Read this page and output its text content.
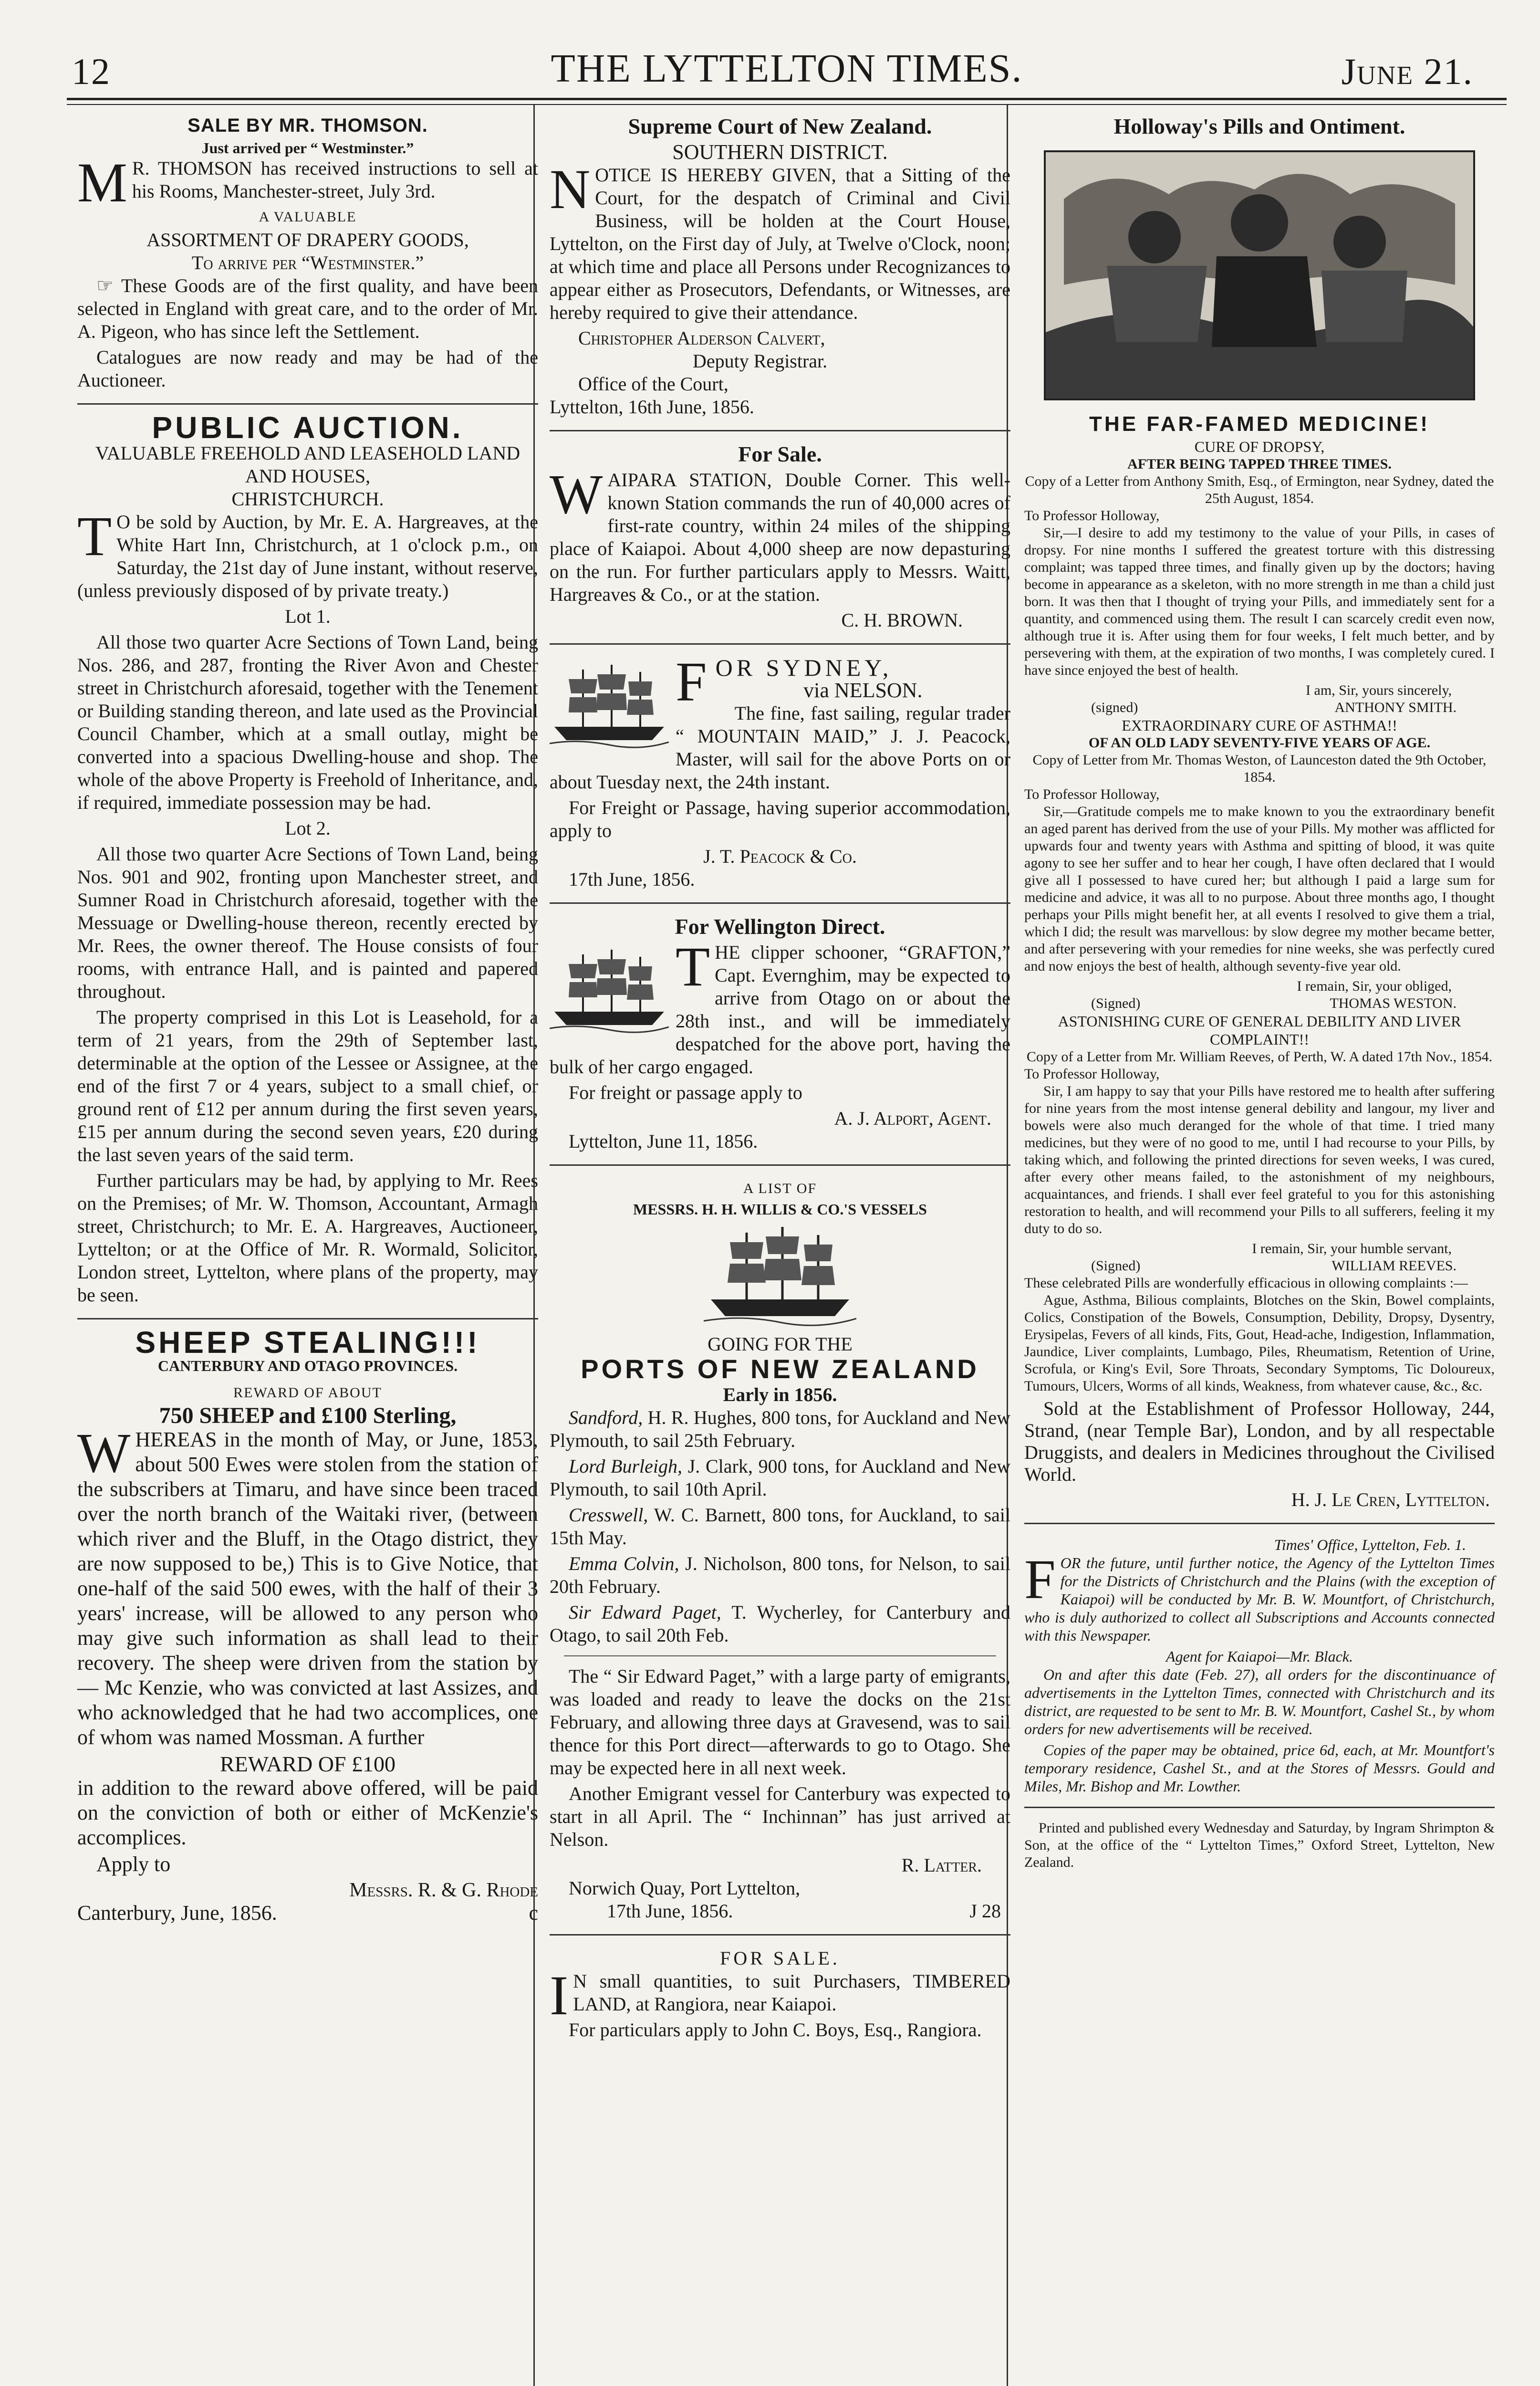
12	THE LYTTELTON TIMES.	June 21.
SALE BY MR. THOMSON.
Just arrived per “ Westminster.”

M R. THOMSON has received instructions to sell at his Rooms, Manchester-street, July 3rd.

A VALUABLE
ASSORTMENT OF DRAPERY GOODS,
To arrive per “Westminster.”

☞ These Goods are of the first quality, and have been selected in England with great care, and to the order of Mr. A. Pigeon, who has since left the Settlement.

Catalogues are now ready and may be had of the Auctioneer.

PUBLIC AUCTION.
VALUABLE FREEHOLD AND LEASEHOLD LAND AND HOUSES,
CHRISTCHURCH.

T O be sold by Auction, by Mr. E. A. Hargreaves, at the White Hart Inn, Christchurch, at 1 o'clock p.m., on Saturday, the 21st day of June instant, without reserve, (unless previously disposed of by private treaty.)

Lot 1.

All those two quarter Acre Sections of Town Land, being Nos. 286, and 287, fronting the River Avon and Chester street in Christchurch aforesaid, together with the Tenement or Building standing thereon, and late used as the Provincial Council Chamber, which at a small outlay, might be converted into a spacious Dwelling-house and shop. The whole of the above Property is Freehold of Inheritance, and, if required, immediate possession may be had.

Lot 2.

All those two quarter Acre Sections of Town Land, being Nos. 901 and 902, fronting upon Manchester street, and Sumner Road in Christchurch aforesaid, together with the Messuage or Dwelling-house thereon, recently erected by Mr. Rees, the owner thereof. The House consists of four rooms, with entrance Hall, and is painted and papered throughout.

The property comprised in this Lot is Leasehold, for a term of 21 years, from the 29th of September last, determinable at the option of the Lessee or Assignee, at the end of the first 7 or 4 years, subject to a small chief, or ground rent of £12 per annum during the first seven years, £15 per annum during the second seven years, £20 during the last seven years of the said term.

Further particulars may be had, by applying to Mr. Rees on the Premises; of Mr. W. Thomson, Accountant, Armagh street, Christchurch; to Mr. E. A. Hargreaves, Auctioneer, Lyttelton; or at the Office of Mr. R. Wormald, Solicitor, London street, Lyttelton, where plans of the property, may be seen.

SHEEP STEALING!!!
CANTERBURY AND OTAGO PROVINCES.
REWARD OF ABOUT
750 SHEEP and £100 Sterling,

WHEREAS in the month of May, or June, 1853, about 500 Ewes were stolen from the station of the subscribers at Timaru, and have since been traced over the north branch of the Waitaki river, (between which river and the Bluff, in the Otago district, they are now supposed to be,) This is to Give Notice, that one-half of the said 500 ewes, with the half of their 3 years' increase, will be allowed to any person who may give such information as shall lead to their recovery. The sheep were driven from the station by — Mc Kenzie, who was convicted at last Assizes, and who acknowledged that he had two accomplices, one of whom was named Mossman. A further

REWARD OF £100

in addition to the reward above offered, will be paid on the conviction of both or either of McKenzie's accomplices.

Apply to

Messrs. R. & G. Rhode
Canterbury, June, 1856.	c
Supreme Court of New Zealand.
SOUTHERN DISTRICT.

NOTICE IS HEREBY GIVEN, that a Sitting of the Court, for the despatch of Criminal and Civil Business, will be holden at the Court House, Lyttelton, on the First day of July, at Twelve o'Clock, noon; at which time and place all Persons under Recognizances to appear either as Prosecutors, Defendants, or Witnesses, are hereby required to give their attendance.

Christopher Alderson Calvert,
Deputy Registrar.
Office of the Court,
Lyttelton, 16th June, 1856.
For Sale.

WAIPARA STATION, Double Corner. This well-known Station commands the run of 40,000 acres of first-rate country, within 24 miles of the shipping place of Kaiapoi. About 4,000 sheep are now depasturing on the run. For further particulars apply to Messrs. Waitt, Hargreaves & Co., or at the station.

C. H. BROWN.
FOR SYDNEY,
via NELSON.

The fine, fast sailing, regular trader “ MOUNTAIN MAID,” J. J. Peacock, Master, will sail for the above Ports on or about Tuesday next, the 24th instant.

For Freight or Passage, having superior accommodation, apply to

J. T. Peacock & Co.
17th June, 1856.
For Wellington Direct.

THE clipper schooner, “GRAFTON,” Capt. Evernghim, may be expected to arrive from Otago on or about the 28th inst., and will be immediately despatched for the above port, having the bulk of her cargo engaged.

For freight or passage apply to

A. J. Alport, Agent.
Lyttelton, June 11, 1856.
A LIST OF
MESSRS. H. H. WILLIS & CO.'S VESSELS
GOING FOR THE
PORTS OF NEW ZEALAND
Early in 1856.

Sandford, H. R. Hughes, 800 tons, for Auckland and New Plymouth, to sail 25th February.

Lord Burleigh, J. Clark, 900 tons, for Auckland and New Plymouth, to sail 10th April.

Cresswell, W. C. Barnett, 800 tons, for Auckland, to sail 15th May.

Emma Colvin, J. Nicholson, 800 tons, for Nelson, to sail 20th February.

Sir Edward Paget, T. Wycherley, for Canterbury and Otago, to sail 20th Feb.

The “ Sir Edward Paget,” with a large party of emigrants, was loaded and ready to leave the docks on the 21st February, and allowing three days at Gravesend, was to sail thence for this Port direct—afterwards to go to Otago. She may be expected here in all next week.

Another Emigrant vessel for Canterbury was expected to start in all April. The “ Inchinnan” has just arrived at Nelson.

R. Latter.
Norwich Quay, Port Lyttelton,
17th June, 1856.	J 28
FOR SALE.

I N small quantities, to suit Purchasers, TIMBERED LAND, at Rangiora, near Kaiapoi.

For particulars apply to John C. Boys, Esq., Rangiora.

Holloway's Pills and Ontiment.
THE FAR-FAMED MEDICINE!
CURE OF DROPSY,
AFTER BEING TAPPED THREE TIMES.
Copy of a Letter from Anthony Smith, Esq., of Ermington, near Sydney, dated the 25th August, 1854.
To Professor Holloway,

Sir,—I desire to add my testimony to the value of your Pills, in cases of dropsy. For nine months I suffered the greatest torture with this distressing complaint; was tapped three times, and finally given up by the doctors; having become in appearance as a skeleton, with no more strength in me than a child just born. It was then that I thought of trying your Pills, and immediately sent for a quantity, and commenced using them. The result I can scarcely credit even now, although true it is. After using them for four weeks, I felt much better, and by persevering with them, at the expiration of two months, I was completely cured. I have since enjoyed the best of health.

I am, Sir, yours sincerely,
(signed)	ANTHONY SMITH.
EXTRAORDINARY CURE OF ASTHMA!!
OF AN OLD LADY SEVENTY-FIVE YEARS OF AGE.
Copy of Letter from Mr. Thomas Weston, of Launceston dated the 9th October, 1854.
To Professor Holloway,

Sir,—Gratitude compels me to make known to you the extraordinary benefit an aged parent has derived from the use of your Pills. My mother was afflicted for upwards four and twenty years with Asthma and spitting of blood, it was quite agony to see her suffer and to hear her cough, I have often declared that I would give all I possessed to have cured her; but although I paid a large sum for medicine and advice, it was all to no purpose. About three months ago, I thought perhaps your Pills might benefit her, at all events I resolved to give them a trial, which I did; the result was marvellous: by slow degree my mother became better, and after persevering with your remedies for nine weeks, she was perfectly cured and now enjoys the best of health, although seventy-five year old.

I remain, Sir, your obliged,
(Signed)	THOMAS WESTON.
ASTONISHING CURE OF GENERAL DEBILITY AND LIVER COMPLAINT!!
Copy of a Letter from Mr. William Reeves, of Perth, W. A dated 17th Nov., 1854.
To Professor Holloway,

Sir, I am happy to say that your Pills have restored me to health after suffering for nine years from the most intense general debility and langour, my liver and bowels were also much deranged for the whole of that time. I tried many medicines, but they were of no good to me, until I had recourse to your Pills, by taking which, and following the printed directions for seven weeks, I was cured, after every other means failed, to the astonishment of my neighbours, acquaintances, and friends. I shall ever feel grateful to you for this astonishing restoration to health, and will recommend your Pills to all sufferers, feeling it my duty to do so.

I remain, Sir, your humble servant,
(Signed)	WILLIAM REEVES.
These celebrated Pills are wonderfully efficacious in ollowing complaints :—

Ague, Asthma, Bilious complaints, Blotches on the Skin, Bowel complaints, Colics, Constipation of the Bowels, Consumption, Debility, Dropsy, Dysentry, Erysipelas, Fevers of all kinds, Fits, Gout, Head-ache, Indigestion, Inflammation, Jaundice, Liver complaints, Lumbago, Piles, Rheumatism, Retention of Urine, Scrofula, or King's Evil, Sore Throats, Secondary Symptoms, Tic Doloureux, Tumours, Ulcers, Worms of all kinds, Weakness, from whatever cause, &c., &c.

Sold at the Establishment of Professor Holloway, 244, Strand, (near Temple Bar), London, and by all respectable Druggists, and dealers in Medicines throughout the Civilised World.

H. J. Le Cren, Lyttelton.
Times' Office, Lyttelton, Feb. 1.

FOR the future, until further notice, the Agency of the Lyttelton Times for the Districts of Christchurch and the Plains (with the exception of Kaiapoi) will be conducted by Mr. B. W. Mountfort, of Christchurch, who is duly authorized to collect all Subscriptions and Accounts connected with this Newspaper.

Agent for Kaiapoi—Mr. Black.

On and after this date (Feb. 27), all orders for the discontinuance of advertisements in the Lyttelton Times, connected with Christchurch and its district, are requested to be sent to Mr. B. W. Mountfort, Cashel St., by whom orders for new advertisements will be received.

Copies of the paper may be obtained, price 6d, each, at Mr. Mountfort's temporary residence, Cashel St., and at the Stores of Messrs. Gould and Miles, Mr. Bishop and Mr. Lowther.

Printed and published every Wednesday and Saturday, by Ingram Shrimpton & Son, at the office of the “ Lyttelton Times,” Oxford Street, Lyttelton, New Zealand.
